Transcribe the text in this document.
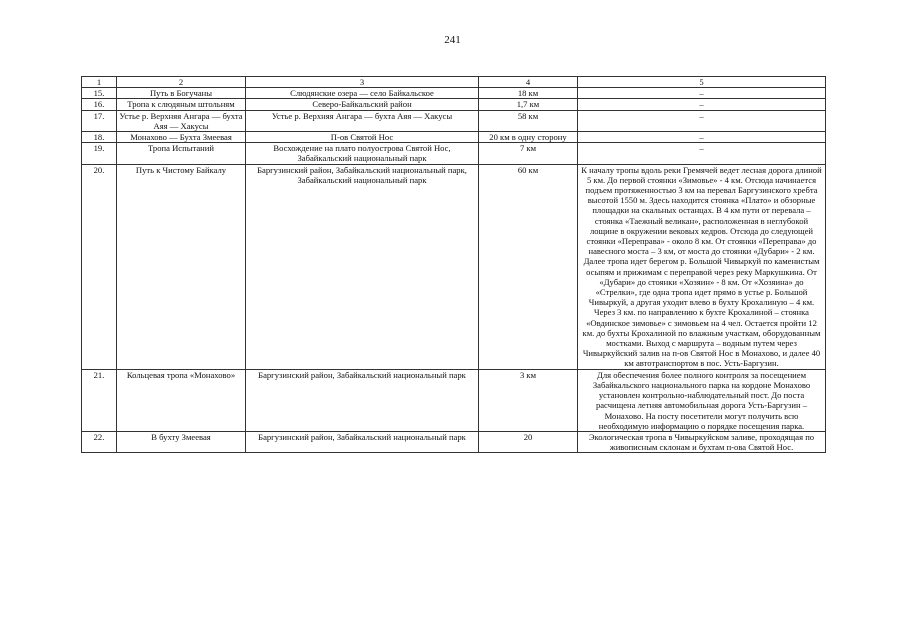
241
1	2	3	4	5
15.	Путь в Богучаны	Слюдянские озера — село Байкальское	18 км	–
16.	Тропа к слюдяным штольням	Северо-Байкальский район	1,7 км	–
17.	Устье р. Верхняя Ангара — бухта Аяя — Хакусы	Устье р. Верхняя Ангара — бухта Аяя — Хакусы	58 км	–
18.	Монахово — Бухта Змеевая	П-ов Святой Нос	20 км в одну сторону	–
19.	Тропа Испытаний	Восхождение на плато полуострова Святой Нос, Забайкальский национальный парк	7 км	–
20.	Путь к Чистому Байкалу	Баргузинский район, Забайкальский национальный парк, Забайкальский национальный парк	60 км	К началу тропы вдоль реки Гремячей ведет лесная дорога длиной 5 км. До первой стоянки «Зимовье» - 4 км. Отсюда начинается подъем протяженностью 3 км на перевал Баргузинского хребта высотой 1550 м. Здесь находится стоянка «Плато» и обзорные площадки на скальных останцах. В 4 км пути от перевала – стоянка «Таежный великан», расположенная в неглубокой лощине в окружении вековых кедров. Отсюда до следующей стоянки «Переправа» - около 8 км. От стоянки «Переправа» до навесного моста – 3 км, от моста до стоянки «Дубари» - 2 км. Далее тропа идет берегом р. Большой Чивыркуй по каменистым осыпям и прижимам с переправой через реку Маркушкина. От «Дубари» до стоянки «Хозяин» - 8 км. От «Хозяина» до «Стрелки», где одна тропа идет прямо в устье р. Большой Чивыркуй, а другая уходит влево в бухту Крохалиную – 4 км. Через 3 км. по направлению к бухте Крохалиной – стоянка «Овдинское зимовье» с зимовьем на 4 чел. Остается пройти 12 км. до бухты Крохалиной по влажным участкам, оборудованным мостками. Выход с маршрута – водным путем через Чивыркуйский залив на п-ов Святой Нос в Монахово, и далее 40 км автотранспортом в пос. Усть-Баргузин.
21.	Кольцевая тропа «Монахово»	Баргузинский район, Забайкальский национальный парк	3 км	Для обеспечения более полного контроля за посещением Забайкальского национального парка на кордоне Монахово установлен контрольно-наблюдательный пост. До поста расчищена летняя автомобильная дорога Усть-Баргузин – Монахово. На посту посетители могут получить всю необходимую информацию о порядке посещения парка.
22.	В бухту Змеевая	Баргузинский район, Забайкальский национальный парк	20	Экологическая тропа в Чивыркуйском заливе, проходящая по живописным склонам и бухтам п-ова Святой Нос.
